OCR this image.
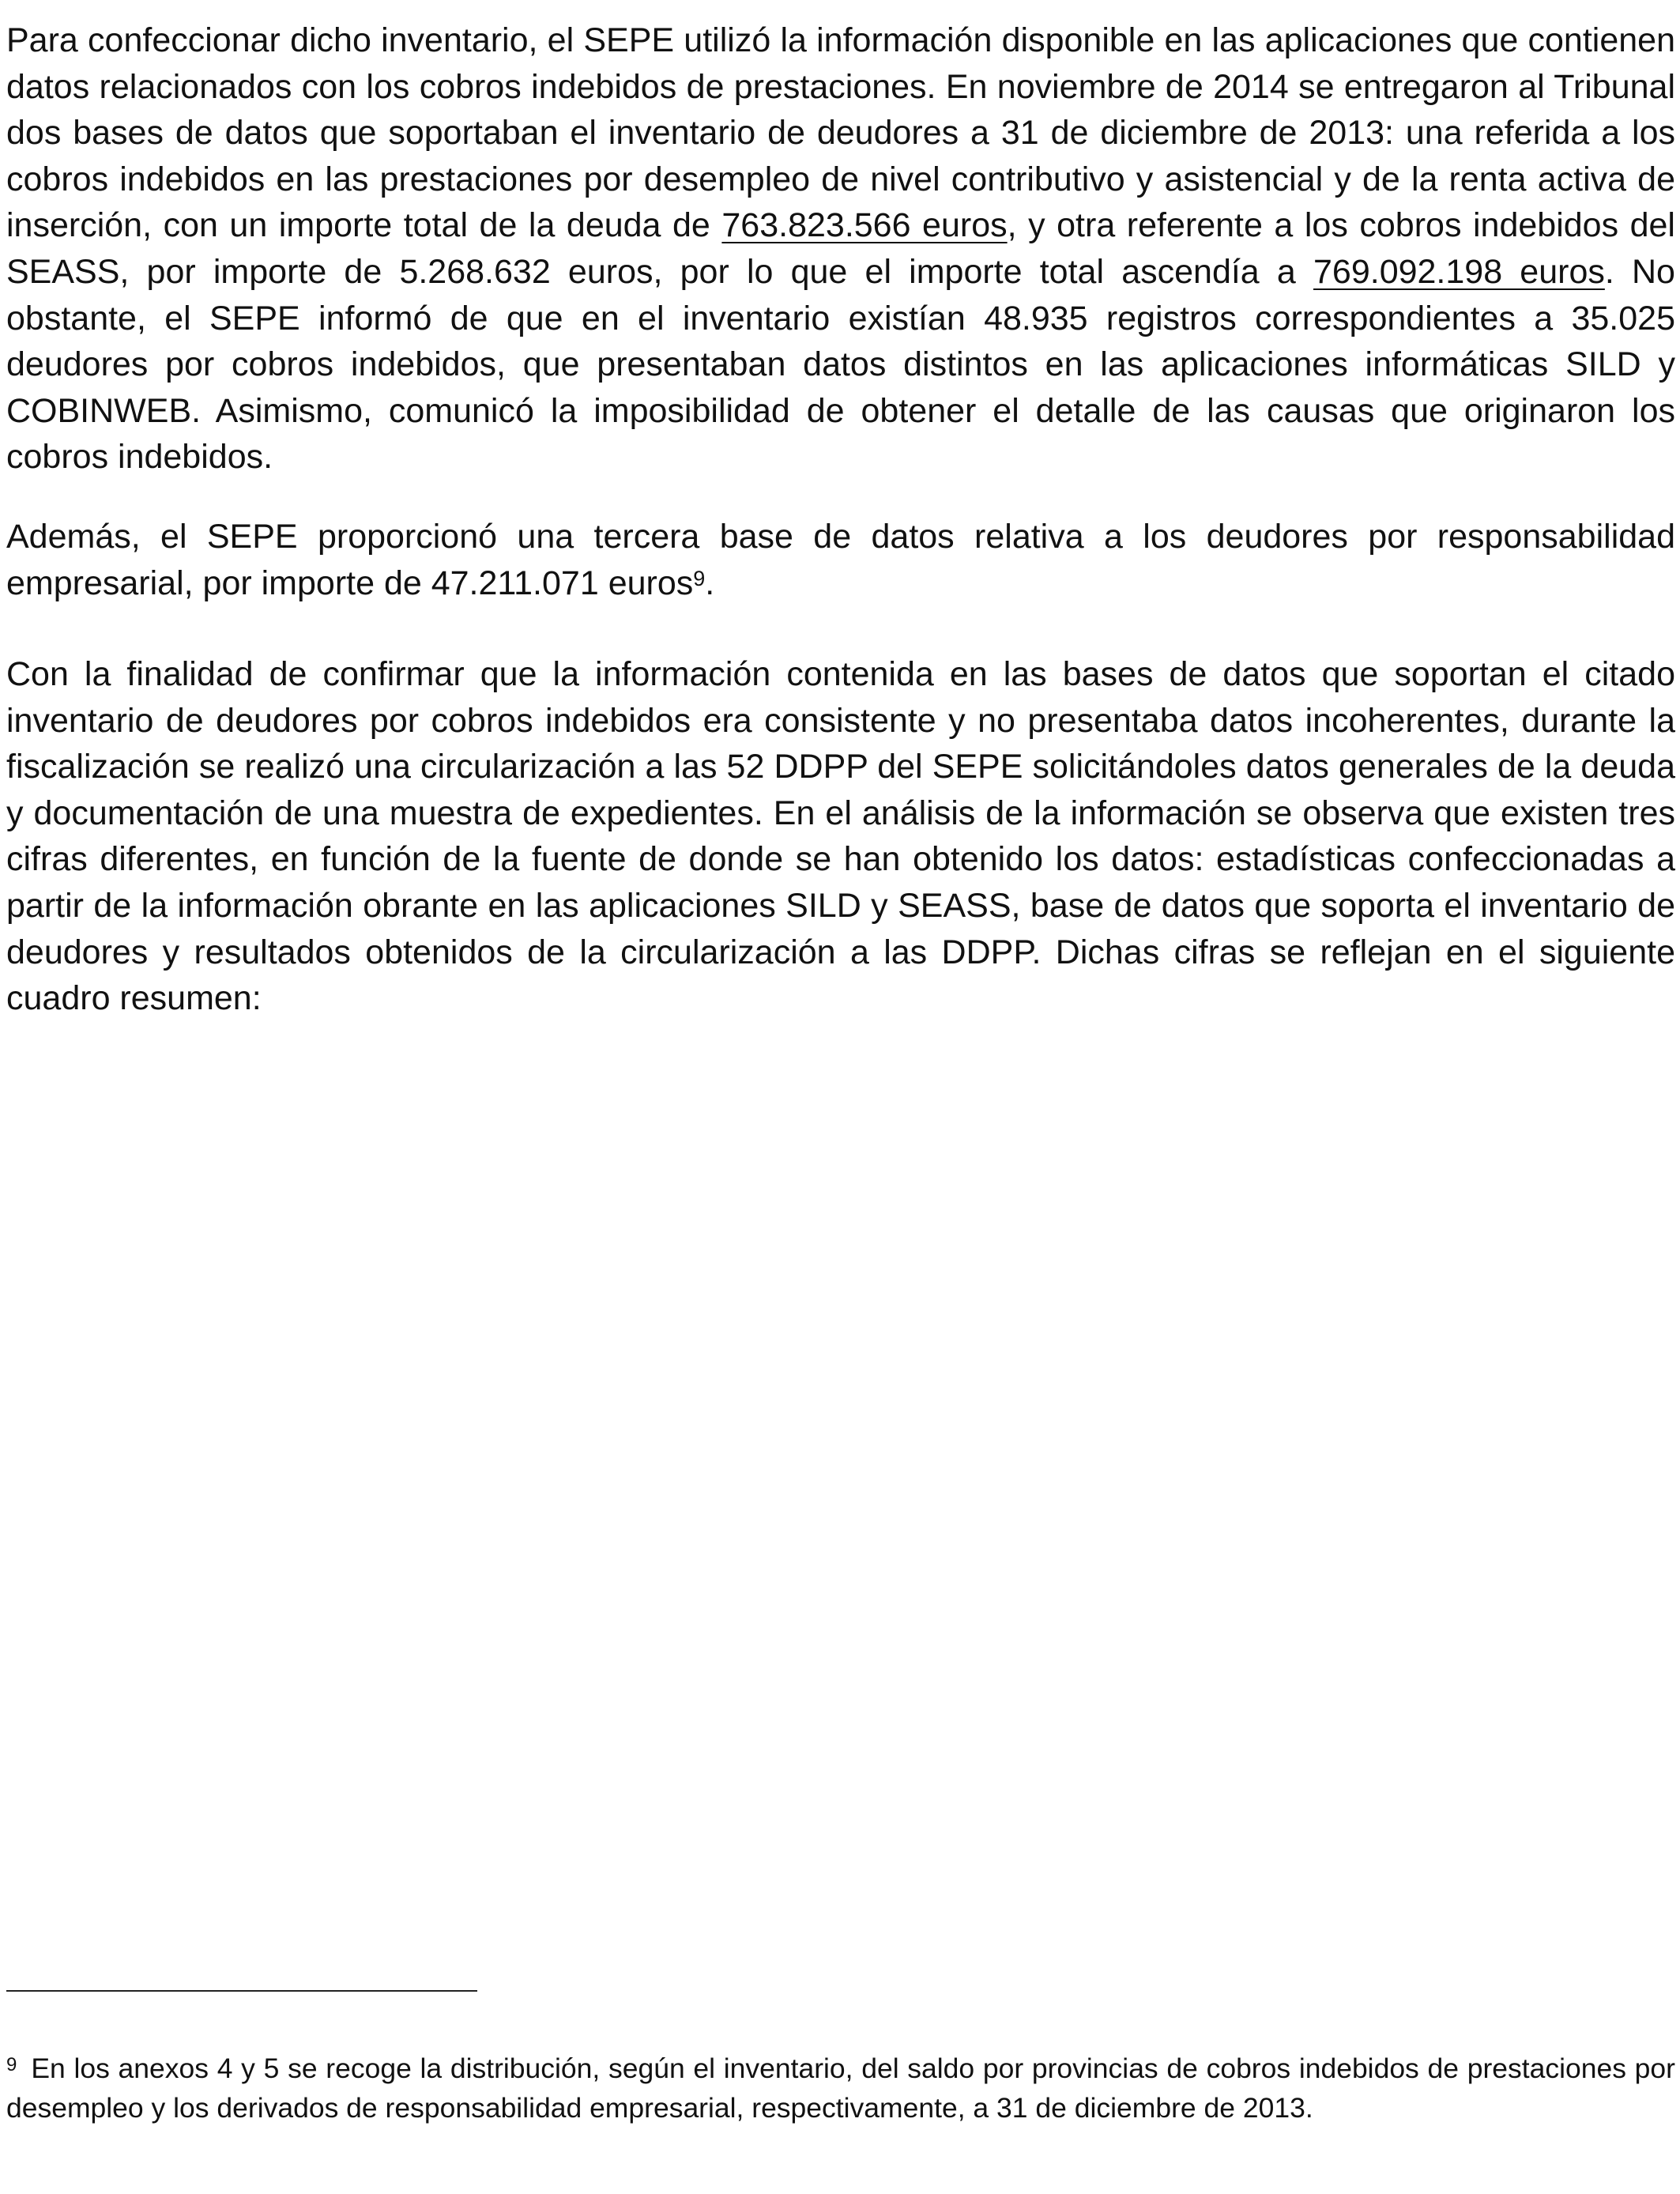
Para confeccionar dicho inventario, el SEPE utilizó la información disponible en las aplicaciones que contienen datos relacionados con los cobros indebidos de prestaciones. En noviembre de 2014 se entregaron al Tribunal dos bases de datos que soportaban el inventario de deudores a 31 de diciembre de 2013: una referida a los cobros indebidos en las prestaciones por desempleo de nivel contributivo y asistencial y de la renta activa de inserción, con un importe total de la deuda de 763.823.566 euros, y otra referente a los cobros indebidos del SEASS, por importe de 5.268.632 euros, por lo que el importe total ascendía a 769.092.198 euros. No obstante, el SEPE informó de que en el inventario existían 48.935 registros correspondientes a 35.025 deudores por cobros indebidos, que presentaban datos distintos en las aplicaciones informáticas SILD y COBINWEB. Asimismo, comunicó la imposibilidad de obtener el detalle de las causas que originaron los cobros indebidos.

Además, el SEPE proporcionó una tercera base de datos relativa a los deudores por responsabilidad empresarial, por importe de 47.211.071 euros$^9$.

Con la finalidad de confirmar que la información contenida en las bases de datos que soportan el citado inventario de deudores por cobros indebidos era consistente y no presentaba datos incoherentes, durante la fiscalización se realizó una circularización a las 52 DDPP del SEPE solicitándoles datos generales de la deuda y documentación de una muestra de expedientes. En el análisis de la información se observa que existen tres cifras diferentes, en función de la fuente de donde se han obtenido los datos: estadísticas confeccionadas a partir de la información obrante en las aplicaciones SILD y SEASS, base de datos que soporta el inventario de deudores y resultados obtenidos de la circularización a las DDPP. Dichas cifras se reflejan en el siguiente cuadro resumen:

$^9$ En los anexos 4 y 5 se recoge la distribución, según el inventario, del saldo por provincias de cobros indebidos de prestaciones por desempleo y los derivados de responsabilidad empresarial, respectivamente, a 31 de diciembre de 2013.
